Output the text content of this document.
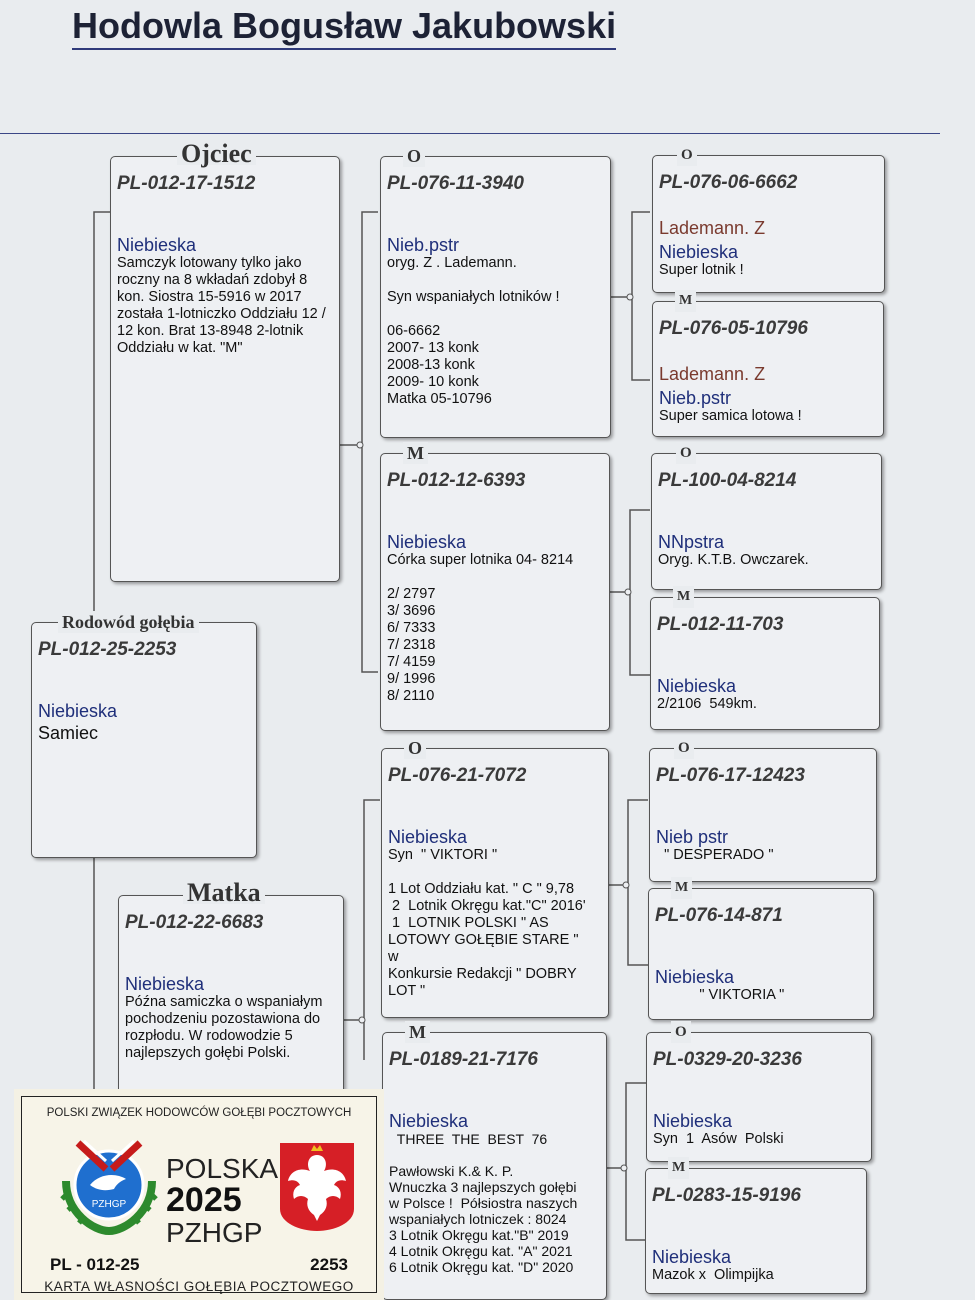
Hodowla Bogusław Jakubowski
Rodowód gołębia
PL-012-25-2253
Niebieska
Samiec
Ojciec
PL-012-17-1512
Niebieska
Samczyk lotowany tylko jako roczny na 8 wkładań zdobył 8 kon. Siostra 15-5916 w 2017 została 1-lotniczko Oddziału 12 / 12 kon. Brat 13-8948 2-lotnik Oddziału w kat. "M"
Matka
PL-012-22-6683
Niebieska
Późna samiczka o wspaniałym pochodzeniu pozostawiona do rozpłodu. W rodowodzie 5 najlepszych gołębi Polski.
O
PL-076-11-3940
Nieb.pstr
oryg. Z . Lademann.

Syn wspaniałych lotników !

06-6662
2007- 13 konk
2008-13 konk
2009- 10 konk
Matka 05-10796
M
PL-012-12-6393
Niebieska
Córka super lotnika 04- 8214

2/ 2797
3/ 3696
6/ 7333
7/ 2318
7/ 4159
9/ 1996
8/ 2110
O
PL-076-21-7072
Niebieska
Syn  " VIKTORI "

1 Lot Oddziału kat. " C " 9,78
2  Lotnik Okręgu kat."C" 2016'
1  LOTNIK POLSKI " AS
LOTOWY GOŁĘBIE STARE "
w
Konkursie Redakcji " DOBRY
LOT "
M
PL-0189-21-7176
Niebieska
THREE  THE  BEST  76

Pawłowski K.& K. P.
Wnuczka 3 najlepszych gołębi
w Polsce !  Półsiostra naszych
wspaniałych lotniczek : 8024
3 Lotnik Okręgu kat."B" 2019
4 Lotnik Okręgu kat. "A" 2021
6 Lotnik Okręgu kat. "D" 2020
O
PL-076-06-6662
Lademann. Z
Niebieska
Super lotnik !
M
PL-076-05-10796
Lademann. Z
Nieb.pstr
Super samica lotowa !
O
PL-100-04-8214
NNpstra
Oryg. K.T.B. Owczarek.
M
PL-012-11-703
Niebieska
2/2106  549km.
O
PL-076-17-12423
Nieb pstr
" DESPERADO "
M
PL-076-14-871
Niebieska
" VIKTORIA "
O
PL-0329-20-3236
Niebieska
Syn  1  Asów  Polski
M
PL-0283-15-9196
Niebieska
Mazok x  Olimpijka
POLSKI ZWIĄZEK HODOWCÓW GOŁĘBI POCZTOWYCH
PZHGP
POLSKA
2025
PZHGP
PL - 012-25	2253
KARTA WŁASNOŚCI GOŁĘBIA POCZTOWEGO
